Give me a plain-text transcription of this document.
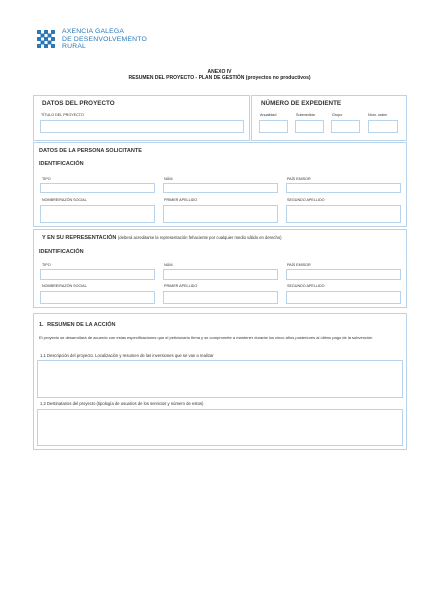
AXENCIA GALEGA
DE DESENVOLVEMENTO
RURAL
ANEXO IV
RESUMEN DEL PROYECTO - PLAN DE GESTIÓN (proyectos no productivos)
DATOS DEL PROYECTO
TÍTULO DEL PROYECTO
NÚMERO DE EXPEDIENTE
Anualidad	Submedida	Grupo	Núm. orden
DATOS DE LA PERSONA SOLICITANTE
IDENTIFICACIÓN
TIPO	NÚM.	PAÍS EMISOR
NOMBRE/RAZÓN SOCIAL	PRIMER APELLIDO	SEGUNDO APELLIDO
Y EN SU REPRESENTACIÓN (deberá acreditarse la representación fehaciente por cualquier medio válido en derecho)
IDENTIFICACIÓN
TIPO	NÚM.	PAÍS EMISOR
NOMBRE/RAZÓN SOCIAL	PRIMER APELLIDO	SEGUNDO APELLIDO
1. RESUMEN DE LA ACCIÓN
El proyecto se desarrollará de acuerdo con estas especificaciones que el peticionario firma y se compromete a mantener durante los cinco años posteriores al último pago de la subvención
1.1 Descripción del proyecto. Localización y resumen de las inversiones que se van a realizar
1.2 Destinatarios del proyecto (tipología de usuarios de los servicios y número de estos)
